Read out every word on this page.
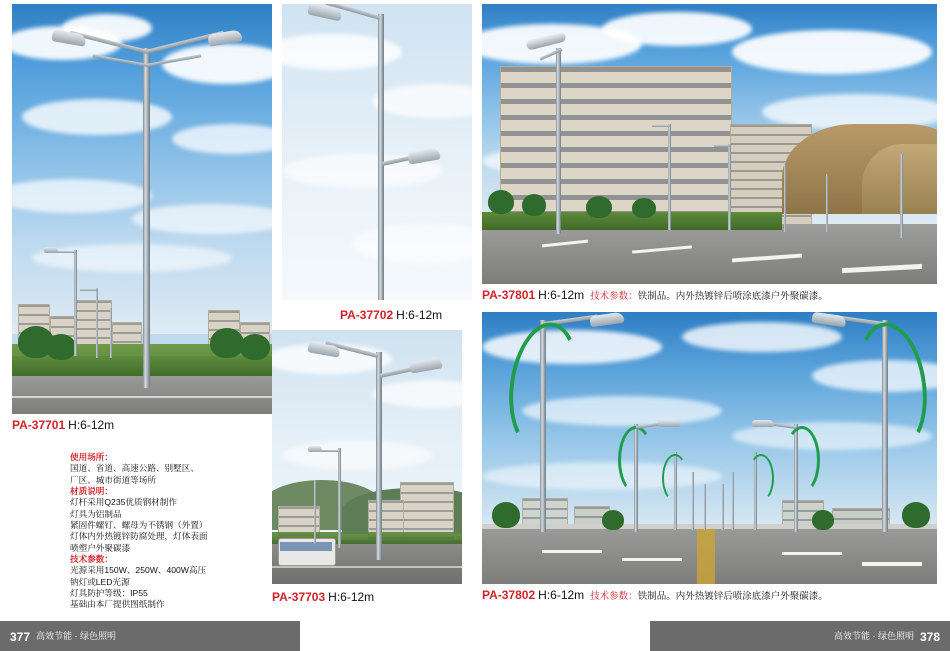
PA-37701 H:6-12m
使用场所：
国道、省道、高速公路、别墅区、
厂区、城市街道等场所
材质说明：
灯杆采用Q235优质钢材制作
灯具为铝制品
紧固件螺钉、螺母为不锈钢（外置）
灯体内外热镀锌防腐处理，灯体表面
喷塑户外聚碳漆
技术参数：
光源采用150W、250W、400W高压
钠灯或LED光源
灯具防护等级：IP55
基础由本厂提供图纸制作
PA-37702 H:6-12m
PA-37703 H:6-12m
PA-37801 H:6-12m 技术参数：铁制品。内外热镀锌后喷涂底漆户外聚碳漆。
PA-37802 H:6-12m 技术参数：铁制品。内外热镀锌后喷涂底漆户外聚碳漆。
377 高效节能 · 绿色照明	378
高效节能 · 绿色照明
